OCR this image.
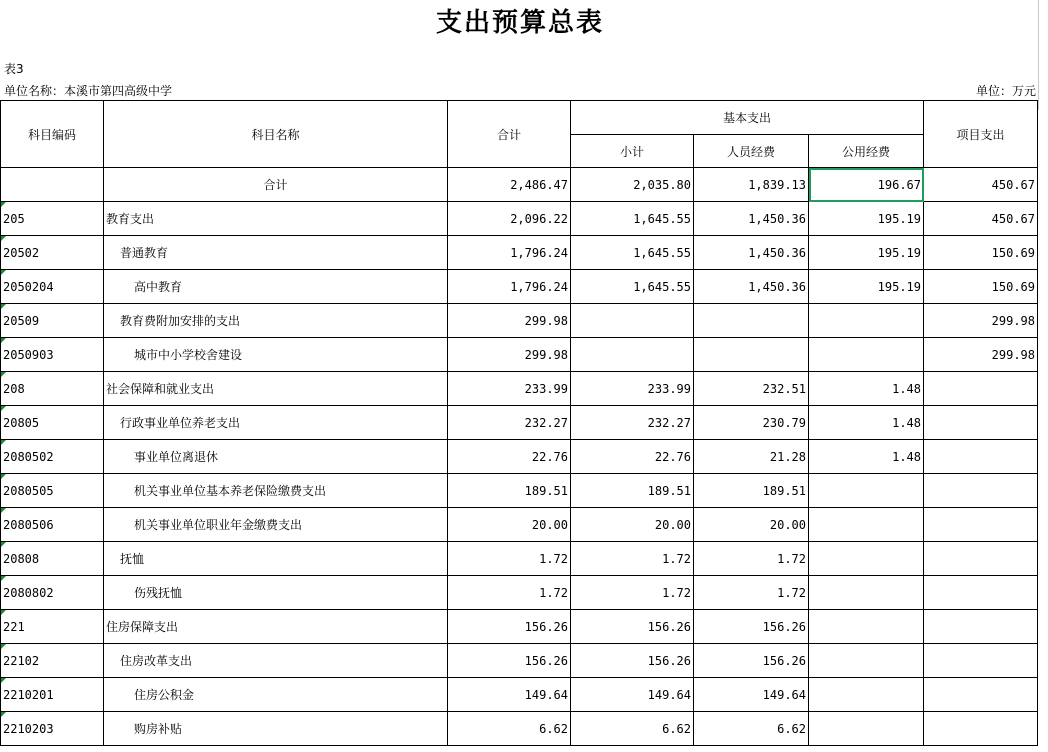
支出预算总表
表3
单位名称：本溪市第四高级中学	单位：万元
科目编码	科目名称	合计	基本支出			项目支出
			小计	人员经费	公用经费	
	合计	2,486.47	2,035.80	1,839.13	196.67	450.67
205	教育支出	2,096.22	1,645.55	1,450.36	195.19	450.67
20502	普通教育	1,796.24	1,645.55	1,450.36	195.19	150.69
2050204	高中教育	1,796.24	1,645.55	1,450.36	195.19	150.69
20509	教育费附加安排的支出	299.98				299.98
2050903	城市中小学校舍建设	299.98				299.98
208	社会保障和就业支出	233.99	233.99	232.51	1.48	
20805	行政事业单位养老支出	232.27	232.27	230.79	1.48	
2080502	事业单位离退休	22.76	22.76	21.28	1.48	
2080505	机关事业单位基本养老保险缴费支出	189.51	189.51	189.51		
2080506	机关事业单位职业年金缴费支出	20.00	20.00	20.00		
20808	抚恤	1.72	1.72	1.72		
2080802	伤残抚恤	1.72	1.72	1.72		
221	住房保障支出	156.26	156.26	156.26		
22102	住房改革支出	156.26	156.26	156.26		
2210201	住房公积金	149.64	149.64	149.64		
2210203	购房补贴	6.62	6.62	6.62		
